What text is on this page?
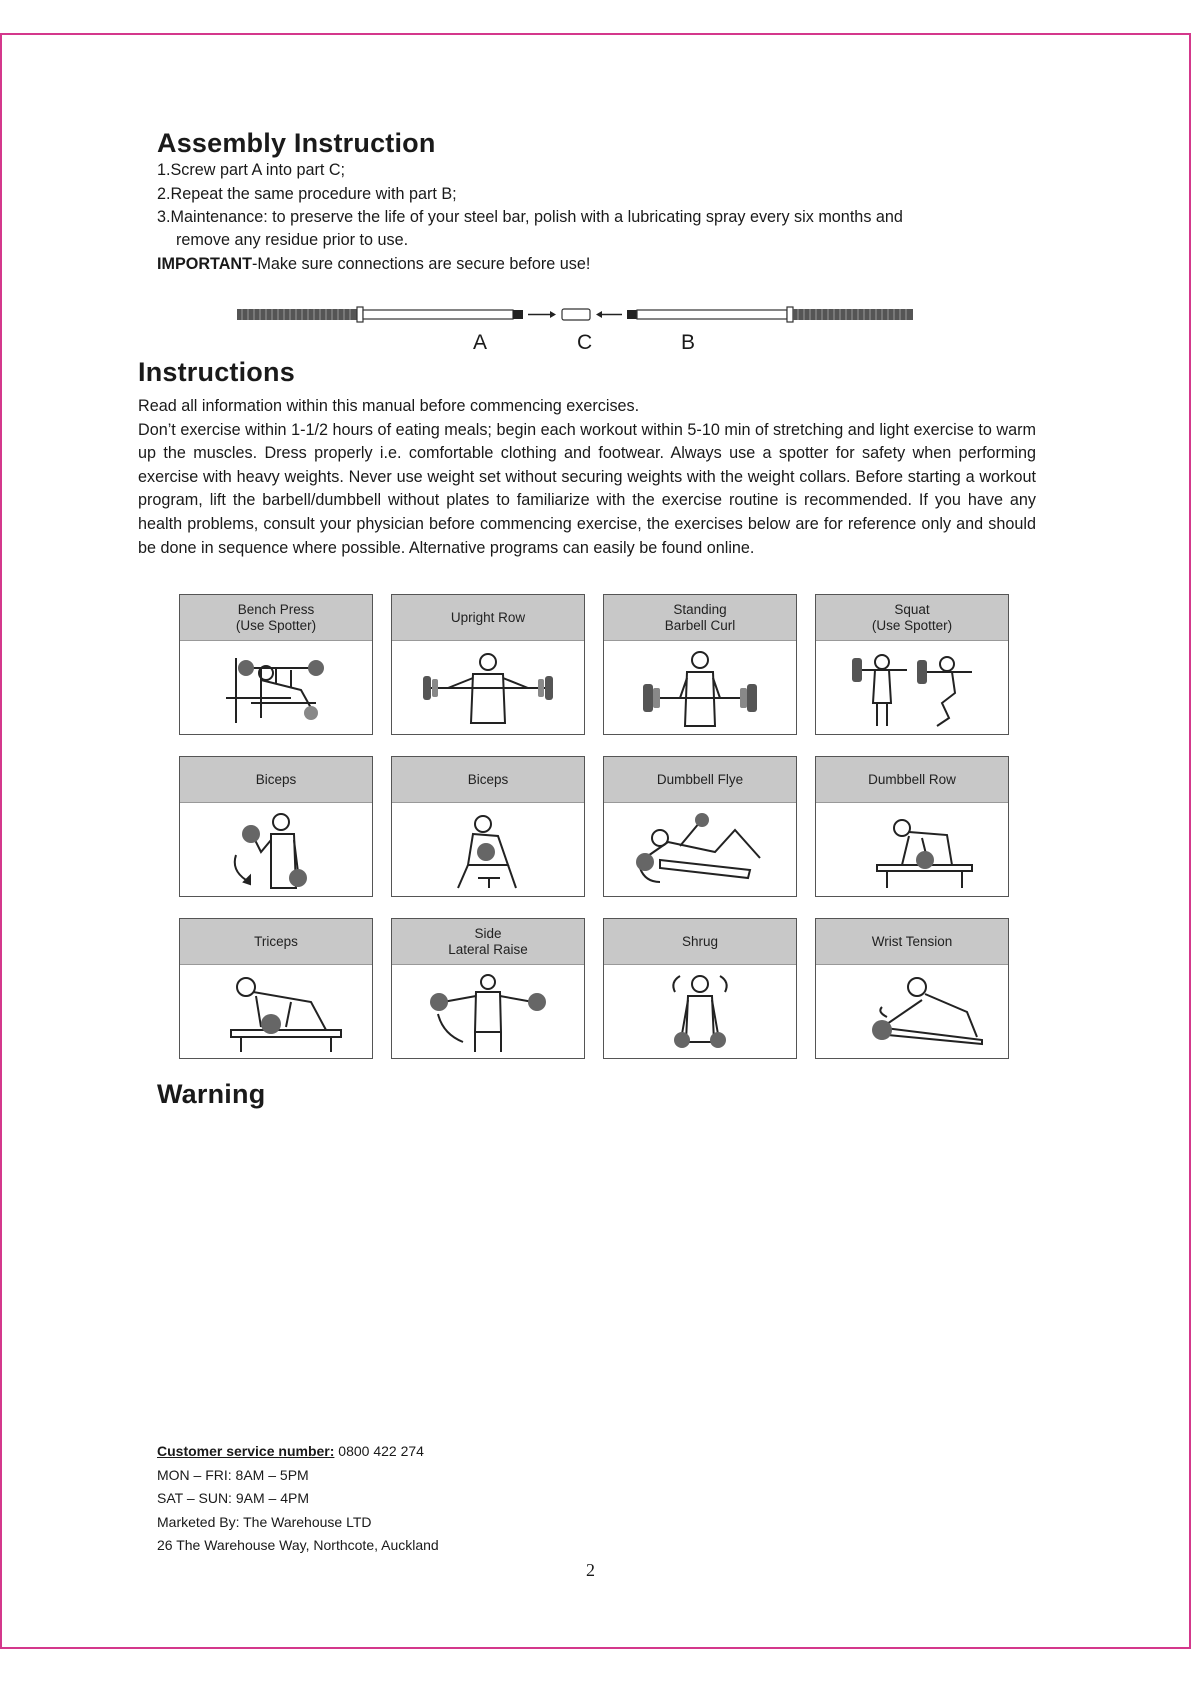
Assembly Instruction
1.Screw part A into part C;
2.Repeat the same procedure with part B;
3.Maintenance: to preserve the life of your steel bar, polish with a lubricating spray every six months and
remove any residue prior to use.
IMPORTANT-Make sure connections are secure before use!
A	C	B
Instructions

Read all information within this manual before commencing exercises.

Don’t exercise within 1-1/2 hours of eating meals; begin each workout within 5-10 min of stretching and light exercise to warm up the muscles. Dress properly i.e. comfortable clothing and footwear. Always use a spotter for safety when performing exercise with heavy weights. Never use weight set without securing weights with the weight collars. Before starting a workout program, lift the barbell/dumbbell without plates to familiarize with the exercise routine is recommended. If you have any health problems, consult your physician before commencing exercise, the exercises below are for reference only and should be done in sequence where possible. Alternative programs can easily be found online.

Bench Press
(Use Spotter)
Upright Row
Standing
Barbell Curl
Squat
(Use Spotter)
Biceps	Biceps	Dumbbell Flye	Dumbbell Row
Triceps
Side
Lateral Raise
Shrug	Wrist Tension
Warning
Customer service number: 0800 422 274
MON – FRI: 8AM – 5PM
SAT – SUN: 9AM – 4PM
Marketed By: The Warehouse LTD
26 The Warehouse Way, Northcote, Auckland
2
